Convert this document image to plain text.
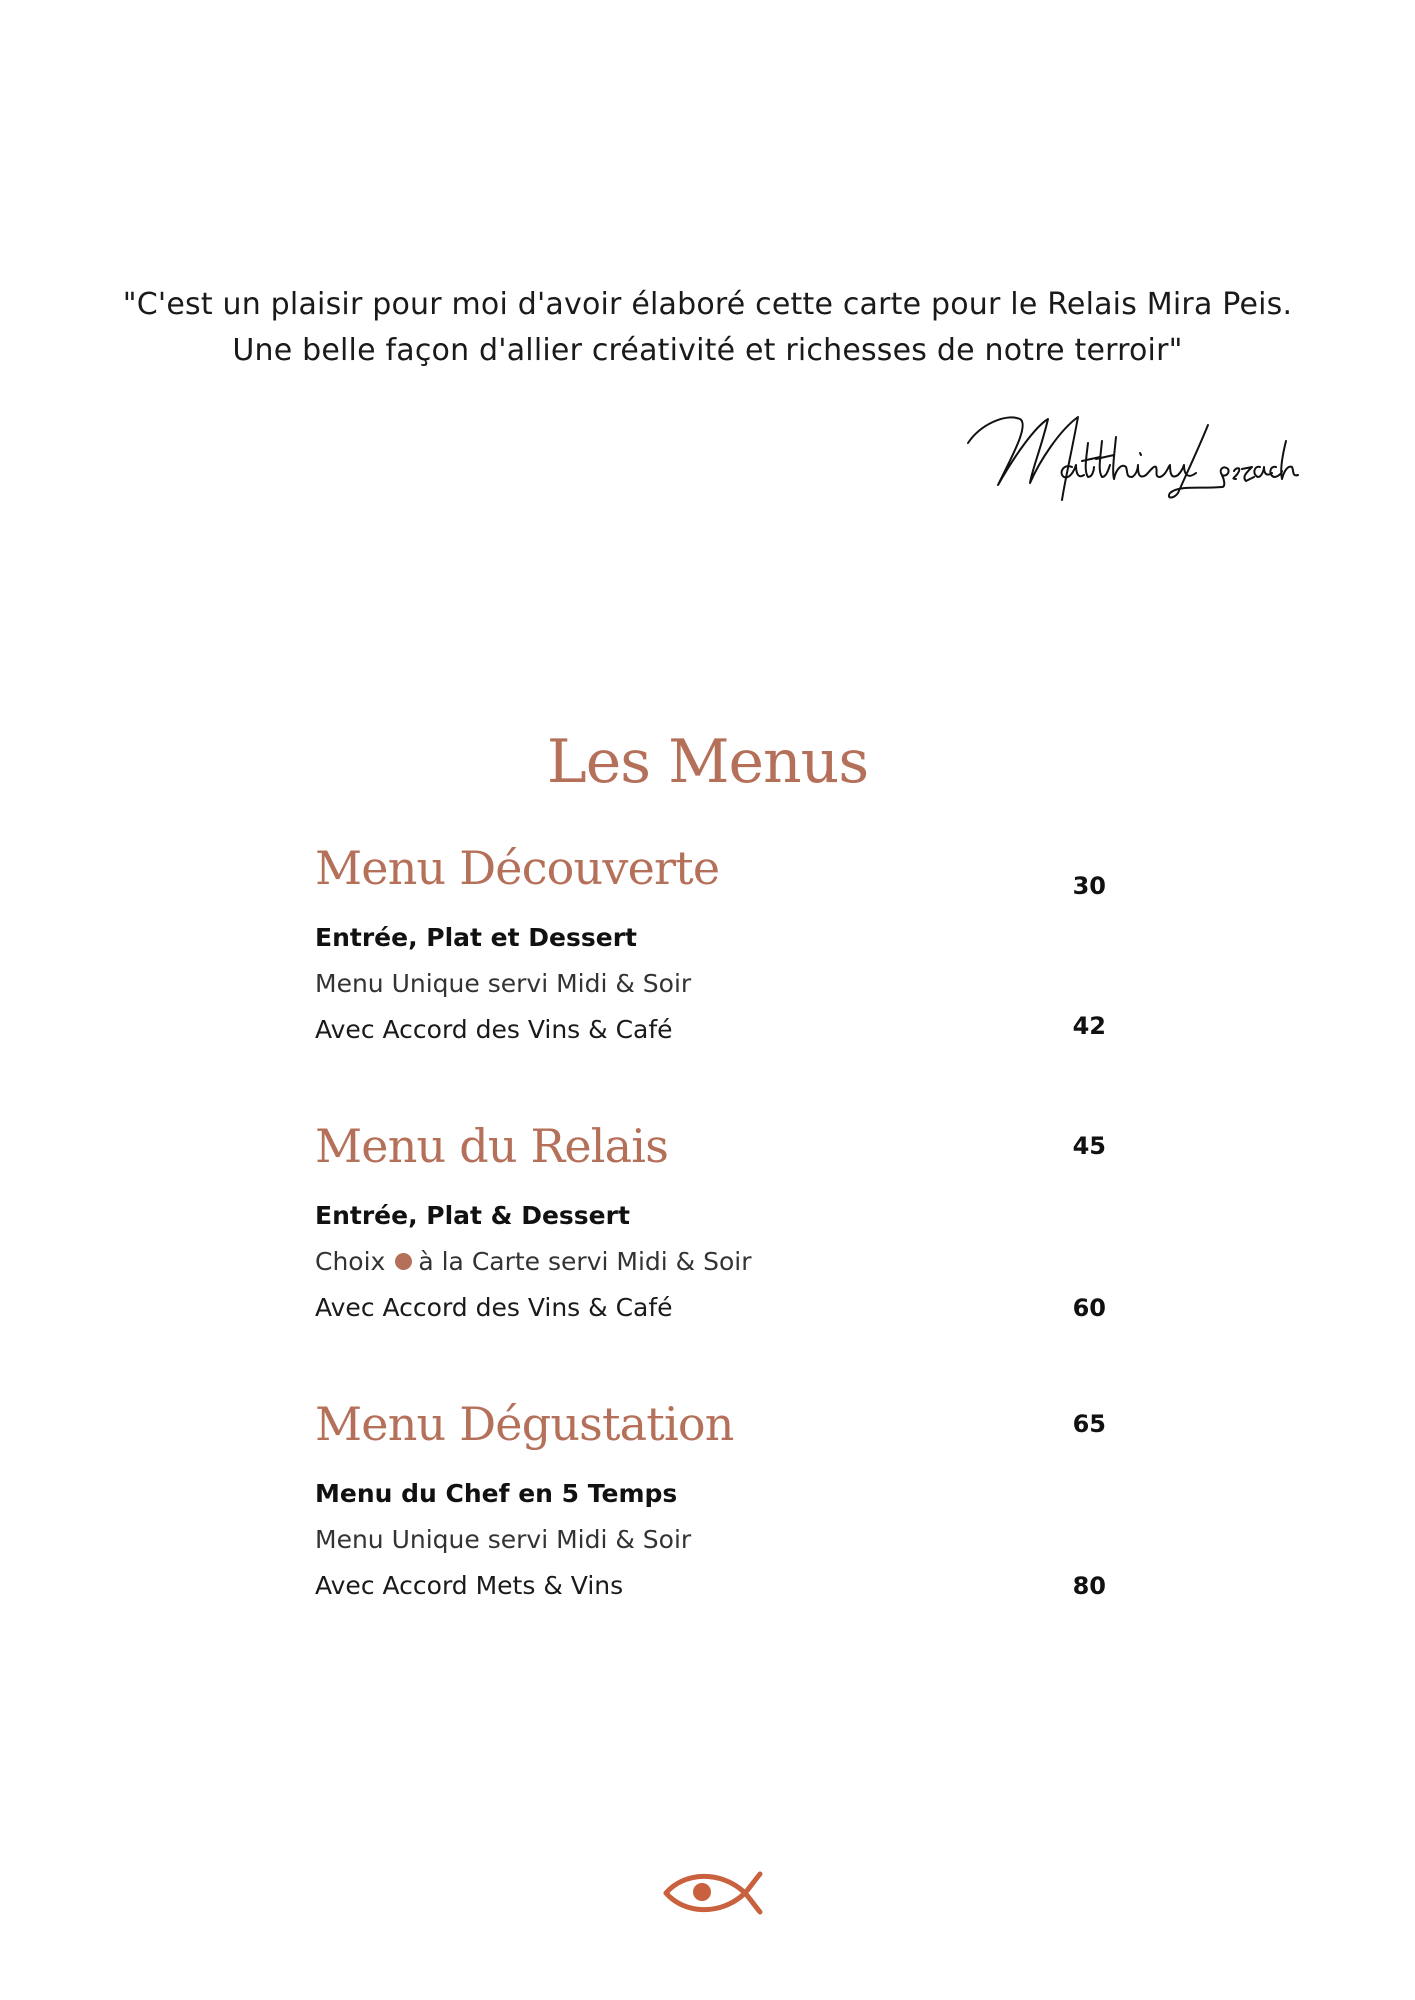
"C'est un plaisir pour moi d'avoir élaboré cette carte pour le Relais Mira Peis.
Une belle façon d'allier créativité et richesses de notre terroir"
Les Menus
Menu Découverte	30
Entrée, Plat et Dessert
Menu Unique servi Midi & Soir
Avec Accord des Vins & Café	42
Menu du Relais	45
Entrée, Plat & Dessert
Choix à la Carte servi Midi & Soir
Avec Accord des Vins & Café	60
Menu Dégustation	65
Menu du Chef en 5 Temps
Menu Unique servi Midi & Soir
Avec Accord Mets & Vins	80
